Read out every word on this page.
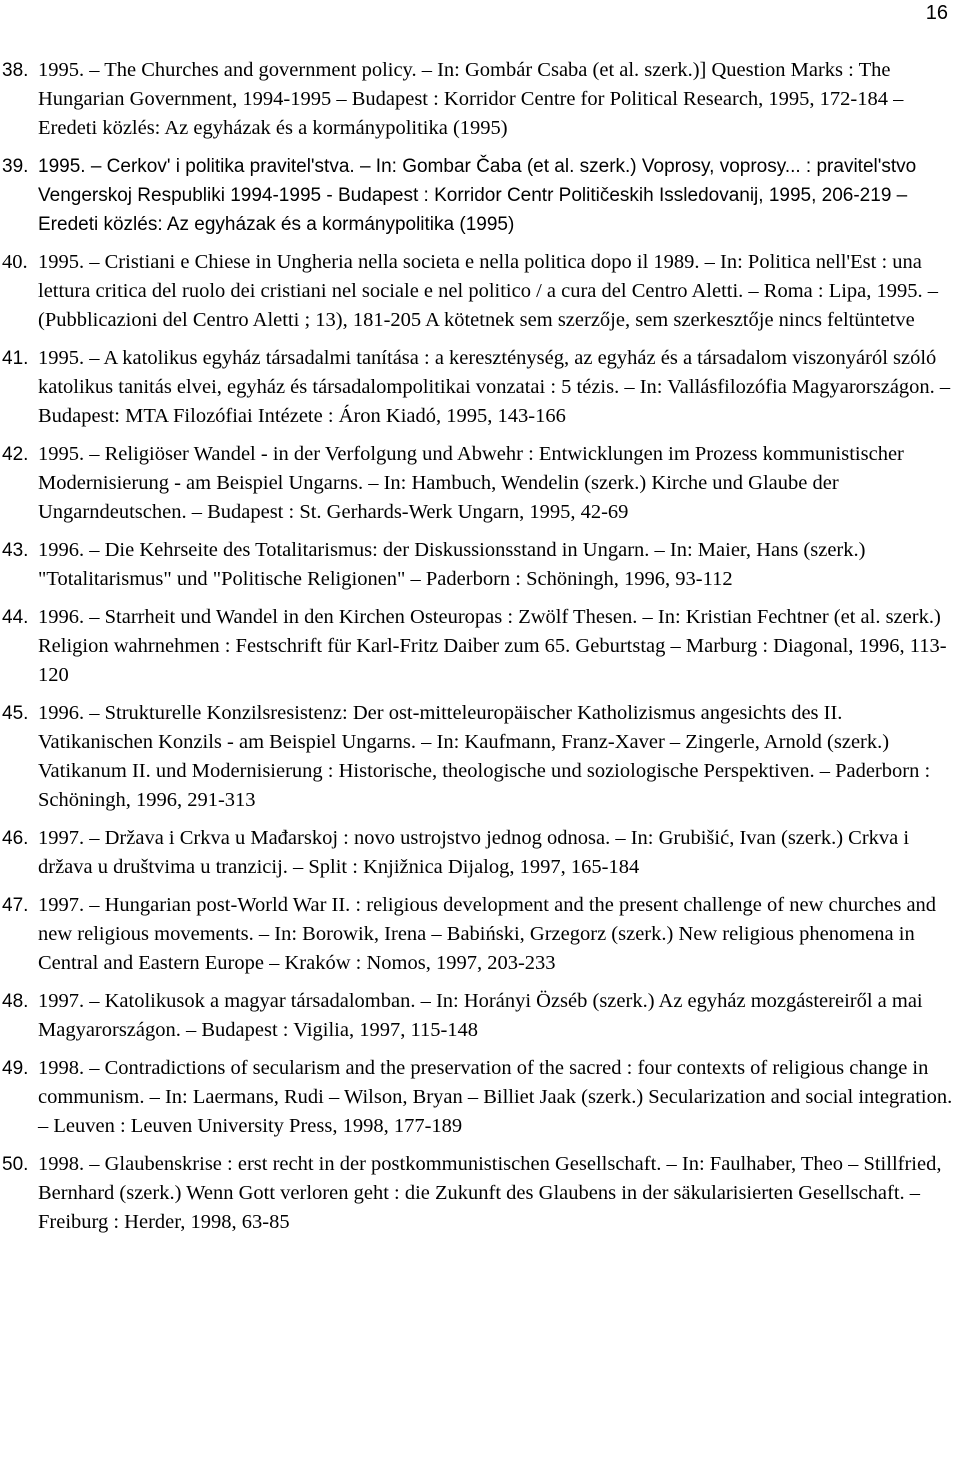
16
38. 1995. – The Churches and government policy. – In: Gombár Csaba (et al. szerk.)] Question Marks : The Hungarian Government, 1994-1995 – Budapest : Korridor Centre for Political Research, 1995, 172-184 – Eredeti közlés: Az egyházak és a kormánypolitika (1995)
39. 1995. – Cerkov' i politika pravitel'stva. – In: Gombar Čaba (et al. szerk.) Voprosy, voprosy... : pravitel'stvo Vengerskoj Respubliki 1994-1995 - Budapest : Korridor Centr Političeskih Issledovanij, 1995, 206-219 – Eredeti közlés: Az egyházak és a kormánypolitika (1995)
40. 1995. – Cristiani e Chiese in Ungheria nella societa e nella politica dopo il 1989. – In: Politica nell'Est : una lettura critica del ruolo dei cristiani nel sociale e nel politico / a cura del Centro Aletti. – Roma : Lipa, 1995. – (Pubblicazioni del Centro Aletti ; 13), 181-205 A kötetnek sem szerzője, sem szerkesztője nincs feltüntetve
41. 1995. – A katolikus egyház társadalmi tanítása : a kereszténység, az egyház és a társadalom viszonyáról szóló katolikus tanitás elvei, egyház és társadalompolitikai vonzatai : 5 tézis. – In: Vallásfilozófia Magyarországon. – Budapest: MTA Filozófiai Intézete : Áron Kiadó, 1995, 143-166
42. 1995. – Religiöser Wandel - in der Verfolgung und Abwehr : Entwicklungen im Prozess kommunistischer Modernisierung - am Beispiel Ungarns. – In: Hambuch, Wendelin (szerk.) Kirche und Glaube der Ungarndeutschen. – Budapest : St. Gerhards-Werk Ungarn, 1995, 42-69
43. 1996. – Die Kehrseite des Totalitarismus: der Diskussionsstand in Ungarn. – In: Maier, Hans (szerk.) "Totalitarismus" und "Politische Religionen" – Paderborn : Schöningh, 1996, 93-112
44. 1996. – Starrheit und Wandel in den Kirchen Osteuropas : Zwölf Thesen. – In: Kristian Fechtner (et al. szerk.) Religion wahrnehmen : Festschrift für Karl-Fritz Daiber zum 65. Geburtstag – Marburg : Diagonal, 1996, 113-120
45. 1996. – Strukturelle Konzilsresistenz: Der ost-mitteleuropäischer Katholizismus angesichts des II. Vatikanischen Konzils - am Beispiel Ungarns. – In: Kaufmann, Franz-Xaver – Zingerle, Arnold (szerk.) Vatikanum II. und Modernisierung : Historische, theologische und soziologische Perspektiven. – Paderborn : Schöningh, 1996, 291-313
46. 1997. – Država i Crkva u Mađarskoj : novo ustrojstvo jednog odnosa. – In: Grubišić, Ivan (szerk.) Crkva i država u društvima u tranzicij. – Split : Knjižnica Dijalog, 1997, 165-184
47. 1997. – Hungarian post-World War II. : religious development and the present challenge of new churches and new religious movements. – In: Borowik, Irena – Babiński, Grzegorz (szerk.) New religious phenomena in Central and Eastern Europe – Kraków : Nomos, 1997, 203-233
48. 1997. – Katolikusok a magyar társadalomban. – In: Horányi Özséb (szerk.) Az egyház mozgástereiről a mai Magyarországon. – Budapest : Vigilia, 1997, 115-148
49. 1998. – Contradictions of secularism and the preservation of the sacred : four contexts of religious change in communism. – In: Laermans, Rudi – Wilson, Bryan – Billiet Jaak (szerk.) Secularization and social integration. – Leuven : Leuven University Press, 1998, 177-189
50. 1998. – Glaubenskrise : erst recht in der postkommunistischen Gesellschaft. – In: Faulhaber, Theo – Stillfried, Bernhard (szerk.) Wenn Gott verloren geht : die Zukunft des Glaubens in der säkularisierten Gesellschaft. – Freiburg : Herder, 1998, 63-85
